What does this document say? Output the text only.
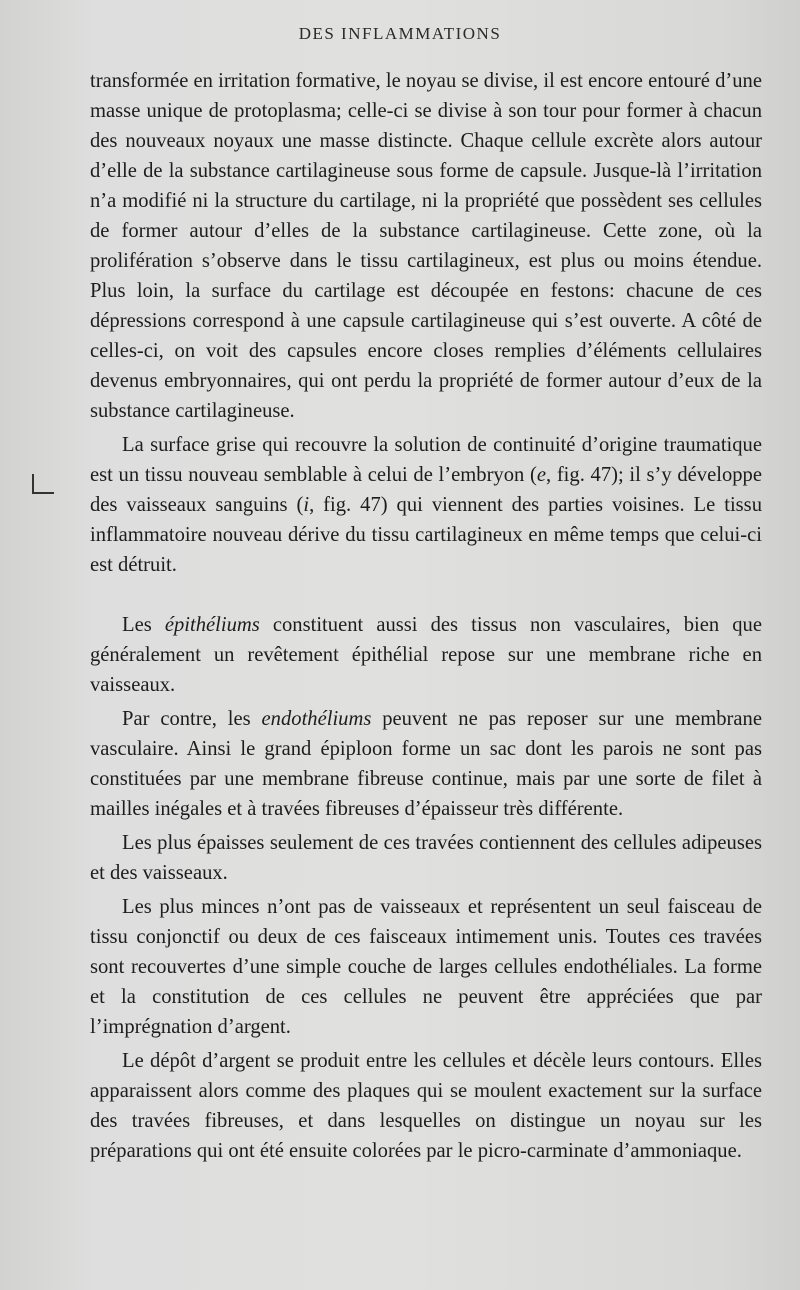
DES INFLAMMATIONS

transformée en irritation formative, le noyau se divise, il est encore entouré d’une masse unique de protoplasma; celle-ci se divise à son tour pour former à chacun des nouveaux noyaux une masse distincte. Chaque cellule excrète alors autour d’elle de la substance cartilagineuse sous forme de capsule. Jusque-là l’irritation n’a modifié ni la structure du cartilage, ni la propriété que possèdent ses cellules de former autour d’elles de la substance cartilagineuse. Cette zone, où la prolifération s’observe dans le tissu cartilagineux, est plus ou moins étendue. Plus loin, la surface du cartilage est découpée en festons: chacune de ces dépressions correspond à une capsule cartilagineuse qui s’est ouverte. A côté de celles-ci, on voit des capsules encore closes remplies d’éléments cellulaires devenus embryonnaires, qui ont perdu la propriété de former autour d’eux de la substance cartilagineuse.

La surface grise qui recouvre la solution de continuité d’origine traumatique est un tissu nouveau semblable à celui de l’embryon (e, fig. 47); il s’y développe des vaisseaux sanguins (i, fig. 47) qui viennent des parties voisines. Le tissu inflammatoire nouveau dérive du tissu cartilagineux en même temps que celui-ci est détruit.

Les épithéliums constituent aussi des tissus non vasculaires, bien que généralement un revêtement épithélial repose sur une membrane riche en vaisseaux.

Par contre, les endothéliums peuvent ne pas reposer sur une membrane vasculaire. Ainsi le grand épiploon forme un sac dont les parois ne sont pas constituées par une membrane fibreuse continue, mais par une sorte de filet à mailles inégales et à travées fibreuses d’épaisseur très différente.

Les plus épaisses seulement de ces travées contiennent des cellules adipeuses et des vaisseaux.

Les plus minces n’ont pas de vaisseaux et représentent un seul faisceau de tissu conjonctif ou deux de ces faisceaux intimement unis. Toutes ces travées sont recouvertes d’une simple couche de larges cellules endothéliales. La forme et la constitution de ces cellules ne peuvent être appréciées que par l’imprégnation d’argent.

Le dépôt d’argent se produit entre les cellules et décèle leurs contours. Elles apparaissent alors comme des plaques qui se moulent exactement sur la surface des travées fibreuses, et dans lesquelles on distingue un noyau sur les préparations qui ont été ensuite colorées par le picro-carminate d’ammoniaque.
